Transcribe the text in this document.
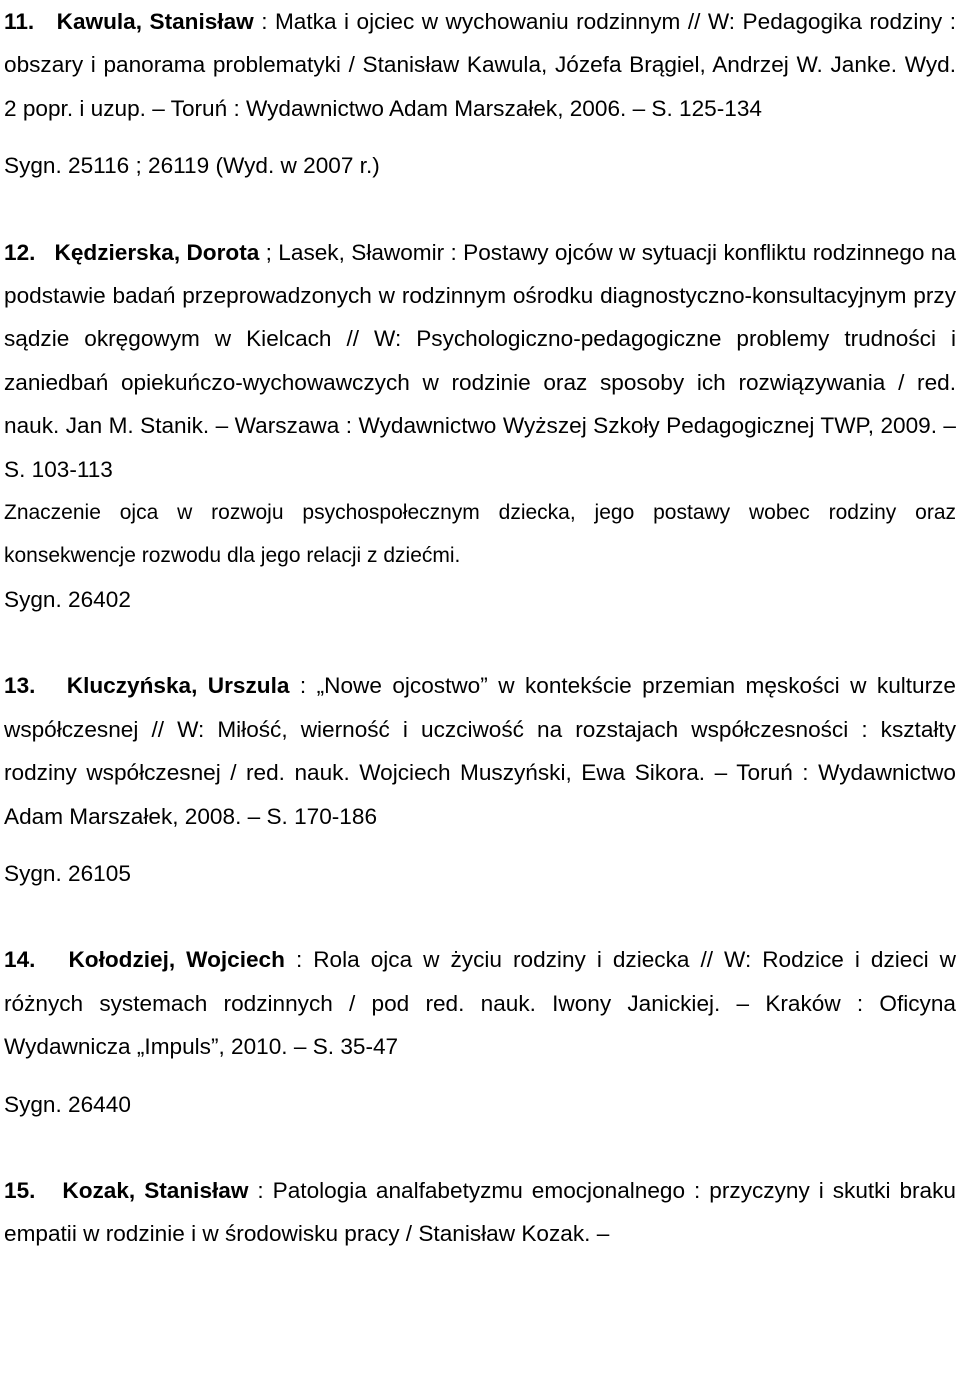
11. Kawula, Stanisław : Matka i ojciec w wychowaniu rodzinnym // W: Pedagogika rodziny : obszary i panorama problematyki / Stanisław Kawula, Józefa Brągiel, Andrzej W. Janke. Wyd. 2 popr. i uzup. – Toruń : Wydawnictwo Adam Marszałek, 2006. – S. 125-134

Sygn. 25116 ; 26119 (Wyd. w 2007 r.)

12. Kędzierska, Dorota ; Lasek, Sławomir : Postawy ojców w sytuacji konfliktu rodzinnego na podstawie badań przeprowadzonych w rodzinnym ośrodku diagnostyczno-konsultacyjnym przy sądzie okręgowym w Kielcach // W: Psychologiczno-pedagogiczne problemy trudności i zaniedbań opiekuńczo-wychowawczych w rodzinie oraz sposoby ich rozwiązywania / red. nauk. Jan M. Stanik. – Warszawa : Wydawnictwo Wyższej Szkoły Pedagogicznej TWP, 2009. – S. 103-113

Znaczenie ojca w rozwoju psychospołecznym dziecka, jego postawy wobec rodziny oraz konsekwencje rozwodu dla jego relacji z dziećmi.

Sygn. 26402

13. Kluczyńska, Urszula : „Nowe ojcostwo” w kontekście przemian męskości w kulturze współczesnej // W: Miłość, wierność i uczciwość na rozstajach współczesności : kształty rodziny współczesnej / red. nauk. Wojciech Muszyński, Ewa Sikora. – Toruń : Wydawnictwo Adam Marszałek, 2008. – S. 170-186

Sygn. 26105

14. Kołodziej, Wojciech : Rola ojca w życiu rodziny i dziecka // W: Rodzice i dzieci w różnych systemach rodzinnych / pod red. nauk. Iwony Janickiej. – Kraków : Oficyna Wydawnicza „Impuls”, 2010. – S. 35-47

Sygn. 26440

15. Kozak, Stanisław : Patologia analfabetyzmu emocjonalnego : przyczyny i skutki braku empatii w rodzinie i w środowisku pracy / Stanisław Kozak. –
